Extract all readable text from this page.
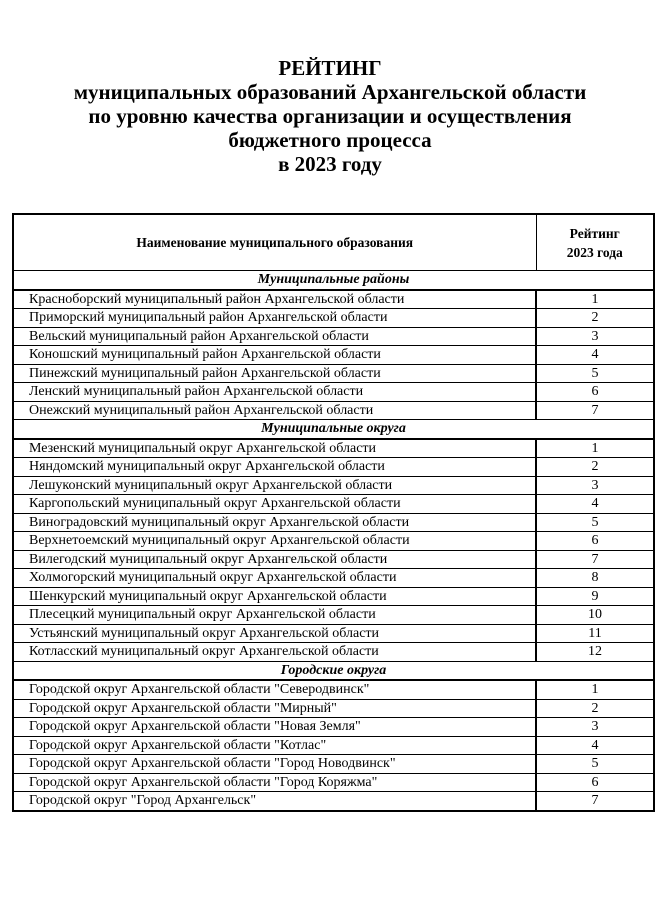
РЕЙТИНГ
муниципальных образований Архангельской области
по уровню качества организации и осуществления
бюджетного процесса
в 2023 году
Наименование муниципального образования	Рейтинг
2023 года

Муниципальные районы	
Красноборский муниципальный район Архангельской области	1
Приморский муниципальный район Архангельской области	2
Вельский муниципальный район Архангельской области	3
Коношский муниципальный район Архангельской области	4
Пинежский муниципальный район Архангельской области	5
Ленский муниципальный район Архангельской области	6
Онежский муниципальный район Архангельской области	7
Муниципальные округа	
Мезенский муниципальный округ Архангельской области	1
Няндомский муниципальный округ Архангельской области	2
Лешуконский муниципальный округ Архангельской области	3
Каргопольский муниципальный округ Архангельской области	4
Виноградовский муниципальный округ Архангельской области	5
Верхнетоемский муниципальный округ Архангельской области	6
Вилегодский муниципальный округ Архангельской области	7
Холмогорский муниципальный округ Архангельской области	8
Шенкурский муниципальный округ Архангельской области	9
Плесецкий муниципальный округ Архангельской области	10
Устьянский муниципальный округ Архангельской области	11
Котласский муниципальный округ Архангельской области	12
Городские округа	
Городской округ Архангельской области "Северодвинск"	1
Городской округ Архангельской области "Мирный"	2
Городской округ Архангельской области "Новая Земля"	3
Городской округ Архангельской области "Котлас"	4
Городской округ Архангельской области "Город Новодвинск"	5
Городской округ Архангельской области "Город Коряжма"	6
Городской округ "Город Архангельск"	7
